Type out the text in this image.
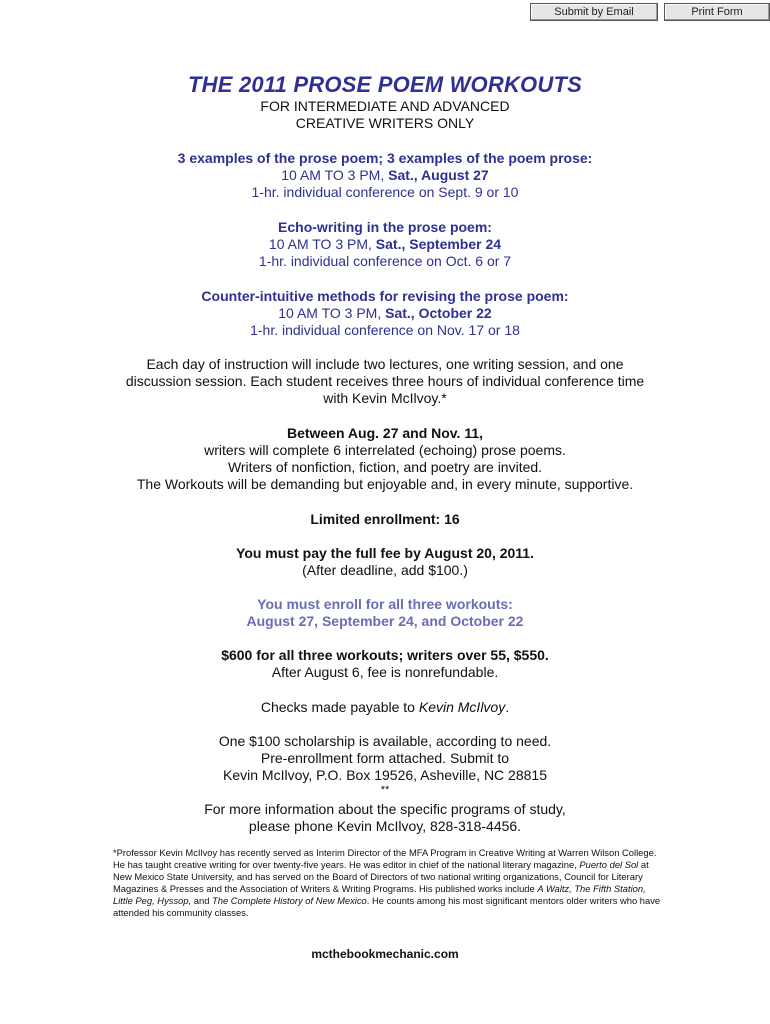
Submit by Email	Print Form
THE 2011 PROSE POEM WORKOUTS
FOR INTERMEDIATE AND ADVANCED
CREATIVE WRITERS ONLY
3 examples of the prose poem; 3 examples of the poem prose:
10 AM TO 3 PM, Sat., August 27
1-hr. individual conference on Sept. 9 or 10
Echo-writing in the prose poem:
10 AM TO 3 PM, Sat., September 24
1-hr. individual conference on Oct. 6 or 7
Counter-intuitive methods for revising the prose poem:
10 AM TO 3 PM, Sat., October 22
1-hr. individual conference on Nov. 17 or 18
Each day of instruction will include two lectures, one writing session, and one
discussion session. Each student receives three hours of individual conference time
with Kevin McIlvoy.*
Between Aug. 27 and Nov. 11,
writers will complete 6 interrelated (echoing) prose poems.
Writers of nonfiction, fiction, and poetry are invited.
The Workouts will be demanding but enjoyable and, in every minute, supportive.
Limited enrollment: 16
You must pay the full fee by August 20, 2011.
(After deadline, add $100.)
You must enroll for all three workouts:
August 27, September 24, and October 22
$600 for all three workouts; writers over 55, $550.
After August 6, fee is nonrefundable.
Checks made payable to Kevin McIlvoy.
One $100 scholarship is available, according to need.
Pre-enrollment form attached. Submit to
Kevin McIlvoy, P.O. Box 19526, Asheville, NC 28815
**
For more information about the specific programs of study,
please phone Kevin McIlvoy, 828-318-4456.
*Professor Kevin McIlvoy has recently served as Interim Director of the MFA Program in Creative Writing at Warren Wilson College. He has taught creative writing for over twenty-five years. He was editor in chief of the national literary magazine, Puerto del Sol at New Mexico State University, and has served on the Board of Directors of two national writing organizations, Council for Literary Magazines & Presses and the Association of Writers & Writing Programs. His published works include A Waltz, The Fifth Station, Little Peg, Hyssop, and The Complete History of New Mexico. He counts among his most significant mentors older writers who have attended his community classes.
mcthebookmechanic.com
